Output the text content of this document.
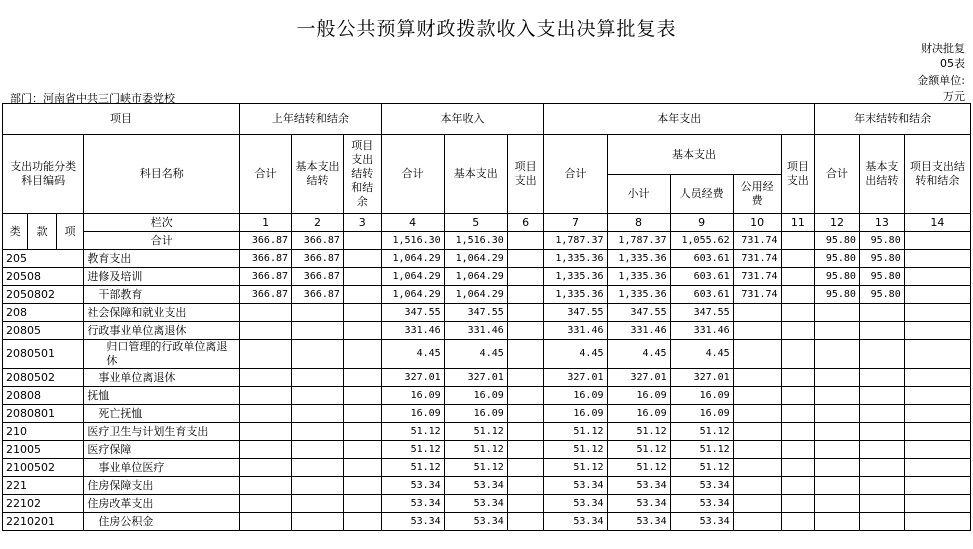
一般公共预算财政拨款收入支出决算批复表
财决批复
05表
金额单位:
万元
部门：河南省中共三门峡市委党校
项目				上年结转和结余			本年收入			本年支出					年末结转和结余		
支出功能分类科目编码			科目名称	合计	基本支出结转	项目支出结转和结余	合计	基本支出	项目支出	合计	基本支出			项目支出	合计	基本支出结转	项目支出结转和结余
											小计	人员经费	公用经费				
类	款	项	栏次	1	2	3	4	5	6	7	8	9	10	11	12	13	14
			合计	366.87	366.87		1,516.30	1,516.30		1,787.37	1,787.37	1,055.62	731.74		95.80	95.80	
205			教育支出	366.87	366.87		1,064.29	1,064.29		1,335.36	1,335.36	603.61	731.74		95.80	95.80	
20508			进修及培训	366.87	366.87		1,064.29	1,064.29		1,335.36	1,335.36	603.61	731.74		95.80	95.80	
2050802			干部教育	366.87	366.87		1,064.29	1,064.29		1,335.36	1,335.36	603.61	731.74		95.80	95.80	
208			社会保障和就业支出				347.55	347.55		347.55	347.55	347.55					
20805			行政事业单位离退休				331.46	331.46		331.46	331.46	331.46					
2080501			归口管理的行政单位离退休				4.45	4.45		4.45	4.45	4.45					
2080502			事业单位离退休				327.01	327.01		327.01	327.01	327.01					
20808			抚恤				16.09	16.09		16.09	16.09	16.09					
2080801			死亡抚恤				16.09	16.09		16.09	16.09	16.09					
210			医疗卫生与计划生育支出				51.12	51.12		51.12	51.12	51.12					
21005			医疗保障				51.12	51.12		51.12	51.12	51.12					
2100502			事业单位医疗				51.12	51.12		51.12	51.12	51.12					
221			住房保障支出				53.34	53.34		53.34	53.34	53.34					
22102			住房改革支出				53.34	53.34		53.34	53.34	53.34					
2210201			住房公积金				53.34	53.34		53.34	53.34	53.34					
